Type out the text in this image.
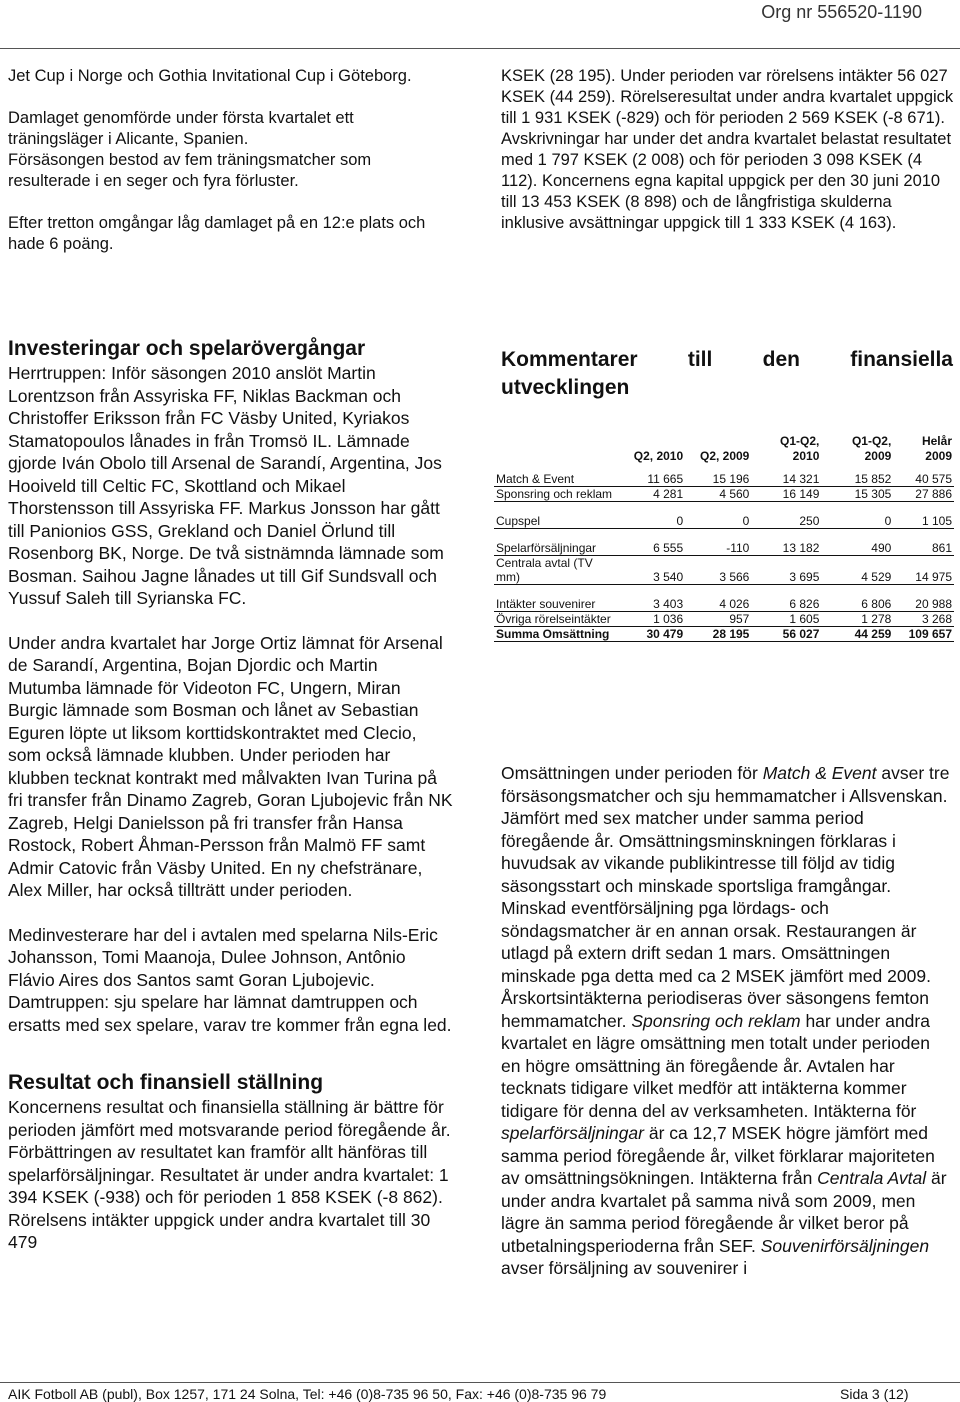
Org nr 556520-1190

Jet Cup i Norge och Gothia Invitational Cup i Göteborg.

Damlaget genomförde under första kvartalet ett träningsläger i Alicante, Spanien.

Försäsongen bestod av fem träningsmatcher som resulterade i en seger och fyra förluster.

Efter tretton omgångar låg damlaget på en 12:e plats och hade 6 poäng.

KSEK (28 195). Under perioden var rörelsens intäkter 56 027 KSEK (44 259). Rörelseresultat under andra kvartalet uppgick till 1 931 KSEK (-829) och för perioden 2 569 KSEK (-8 671).

Avskrivningar har under det andra kvartalet belastat resultatet med 1 797 KSEK (2 008) och för perioden 3 098 KSEK (4 112). Koncernens egna kapital uppgick per den 30 juni 2010 till 13 453 KSEK (8 898) och de långfristiga skulderna inklusive avsättningar uppgick till 1 333 KSEK (4 163).

Investeringar och spelarövergångar

Herrtruppen: Inför säsongen 2010 anslöt Martin Lorentzson från Assyriska FF, Niklas Backman och Christoffer Eriksson från FC Väsby United, Kyriakos Stamatopoulos lånades in från Tromsö IL. Lämnade gjorde Iván Obolo till Arsenal de Sarandí, Argentina, Jos Hooiveld till Celtic FC, Skottland och Mikael Thorstensson till Assyriska FF. Markus Jonsson har gått till Panionios GSS, Grekland och Daniel Örlund till Rosenborg BK, Norge. De två sistnämnda lämnade som Bosman. Saihou Jagne lånades ut till Gif Sundsvall och Yussuf Saleh till Syrianska FC.

Under andra kvartalet har Jorge Ortiz lämnat för Arsenal de Sarandí, Argentina, Bojan Djordic och Martin Mutumba lämnade för Videoton FC, Ungern, Miran Burgic lämnade som Bosman och lånet av Sebastian Eguren löpte ut liksom korttidskontraktet med Clecio, som också lämnade klubben. Under perioden har klubben tecknat kontrakt med målvakten Ivan Turina på fri transfer från Dinamo Zagreb, Goran Ljubojevic från NK Zagreb, Helgi Danielsson på fri transfer från Hansa Rostock, Robert Åhman-Persson från Malmö FF samt Admir Catovic från Väsby United. En ny chefstränare, Alex Miller, har också tillträtt under perioden.

Medinvesterare har del i avtalen med spelarna Nils-Eric Johansson, Tomi Maanoja, Dulee Johnson, Antônio Flávio Aires dos Santos samt Goran Ljubojevic.

Damtruppen: sju spelare har lämnat damtruppen och ersatts med sex spelare, varav tre kommer från egna led.

Resultat och finansiell ställning

Koncernens resultat och finansiella ställning är bättre för perioden jämfört med motsvarande period föregående år. Förbättringen av resultatet kan framför allt hänföras till spelarförsäljningar. Resultatet är under andra kvartalet: 1 394 KSEK (-938) och för perioden 1 858 KSEK (-8 862). Rörelsens intäkter uppgick under andra kvartalet till 30 479

Kommentarer till den finansiella utvecklingen
	Q2, 2010	Q2, 2009	Q1-Q2, 2010	Q1-Q2, 2009	Helår 2009
Match & Event	11 665	15 196	14 321	15 852	40 575
Sponsring och reklam	4 281	4 560	16 149	15 305	27 886

Cupspel	0	0	250	0	1 105

Spelarförsäljningar	6 555	-110	13 182	490	861
Centrala avtal (TV mm)	3 540	3 566	3 695	4 529	14 975

Intäkter souvenirer	3 403	4 026	6 826	6 806	20 988
Övriga rörelseintäkter	1 036	957	1 605	1 278	3 268
Summa Omsättning	30 479	28 195	56 027	44 259	109 657

Omsättningen under perioden för Match & Event avser tre försäsongsmatcher och sju hemmamatcher i Allsvenskan. Jämfört med sex matcher under samma period föregående år. Omsättningsminskningen förklaras i huvudsak av vikande publikintresse till följd av tidig säsongsstart och minskade sportsliga framgångar. Minskad eventförsäljning pga lördags- och söndagsmatcher är en annan orsak. Restaurangen är utlagd på extern drift sedan 1 mars. Omsättningen minskade pga detta med ca 2 MSEK jämfört med 2009. Årskortsintäkterna periodiseras över säsongens femton hemmamatcher. Sponsring och reklam har under andra kvartalet en lägre omsättning men totalt under perioden en högre omsättning än föregående år. Avtalen har tecknats tidigare vilket medför att intäkterna kommer tidigare för denna del av verksamheten. Intäkterna för spelarförsäljningar är ca 12,7 MSEK högre jämfört med samma period föregående år, vilket förklarar majoriteten av omsättningsökningen. Intäkterna från Centrala Avtal är under andra kvartalet på samma nivå som 2009, men lägre än samma period föregående år vilket beror på utbetalningsperioderna från SEF. Souvenirförsäljningen avser försäljning av souvenirer i

AIK Fotboll AB (publ), Box 1257, 171 24 Solna, Tel: +46 (0)8-735 96 50, Fax: +46 (0)8-735 96 79	Sida 3 (12)
